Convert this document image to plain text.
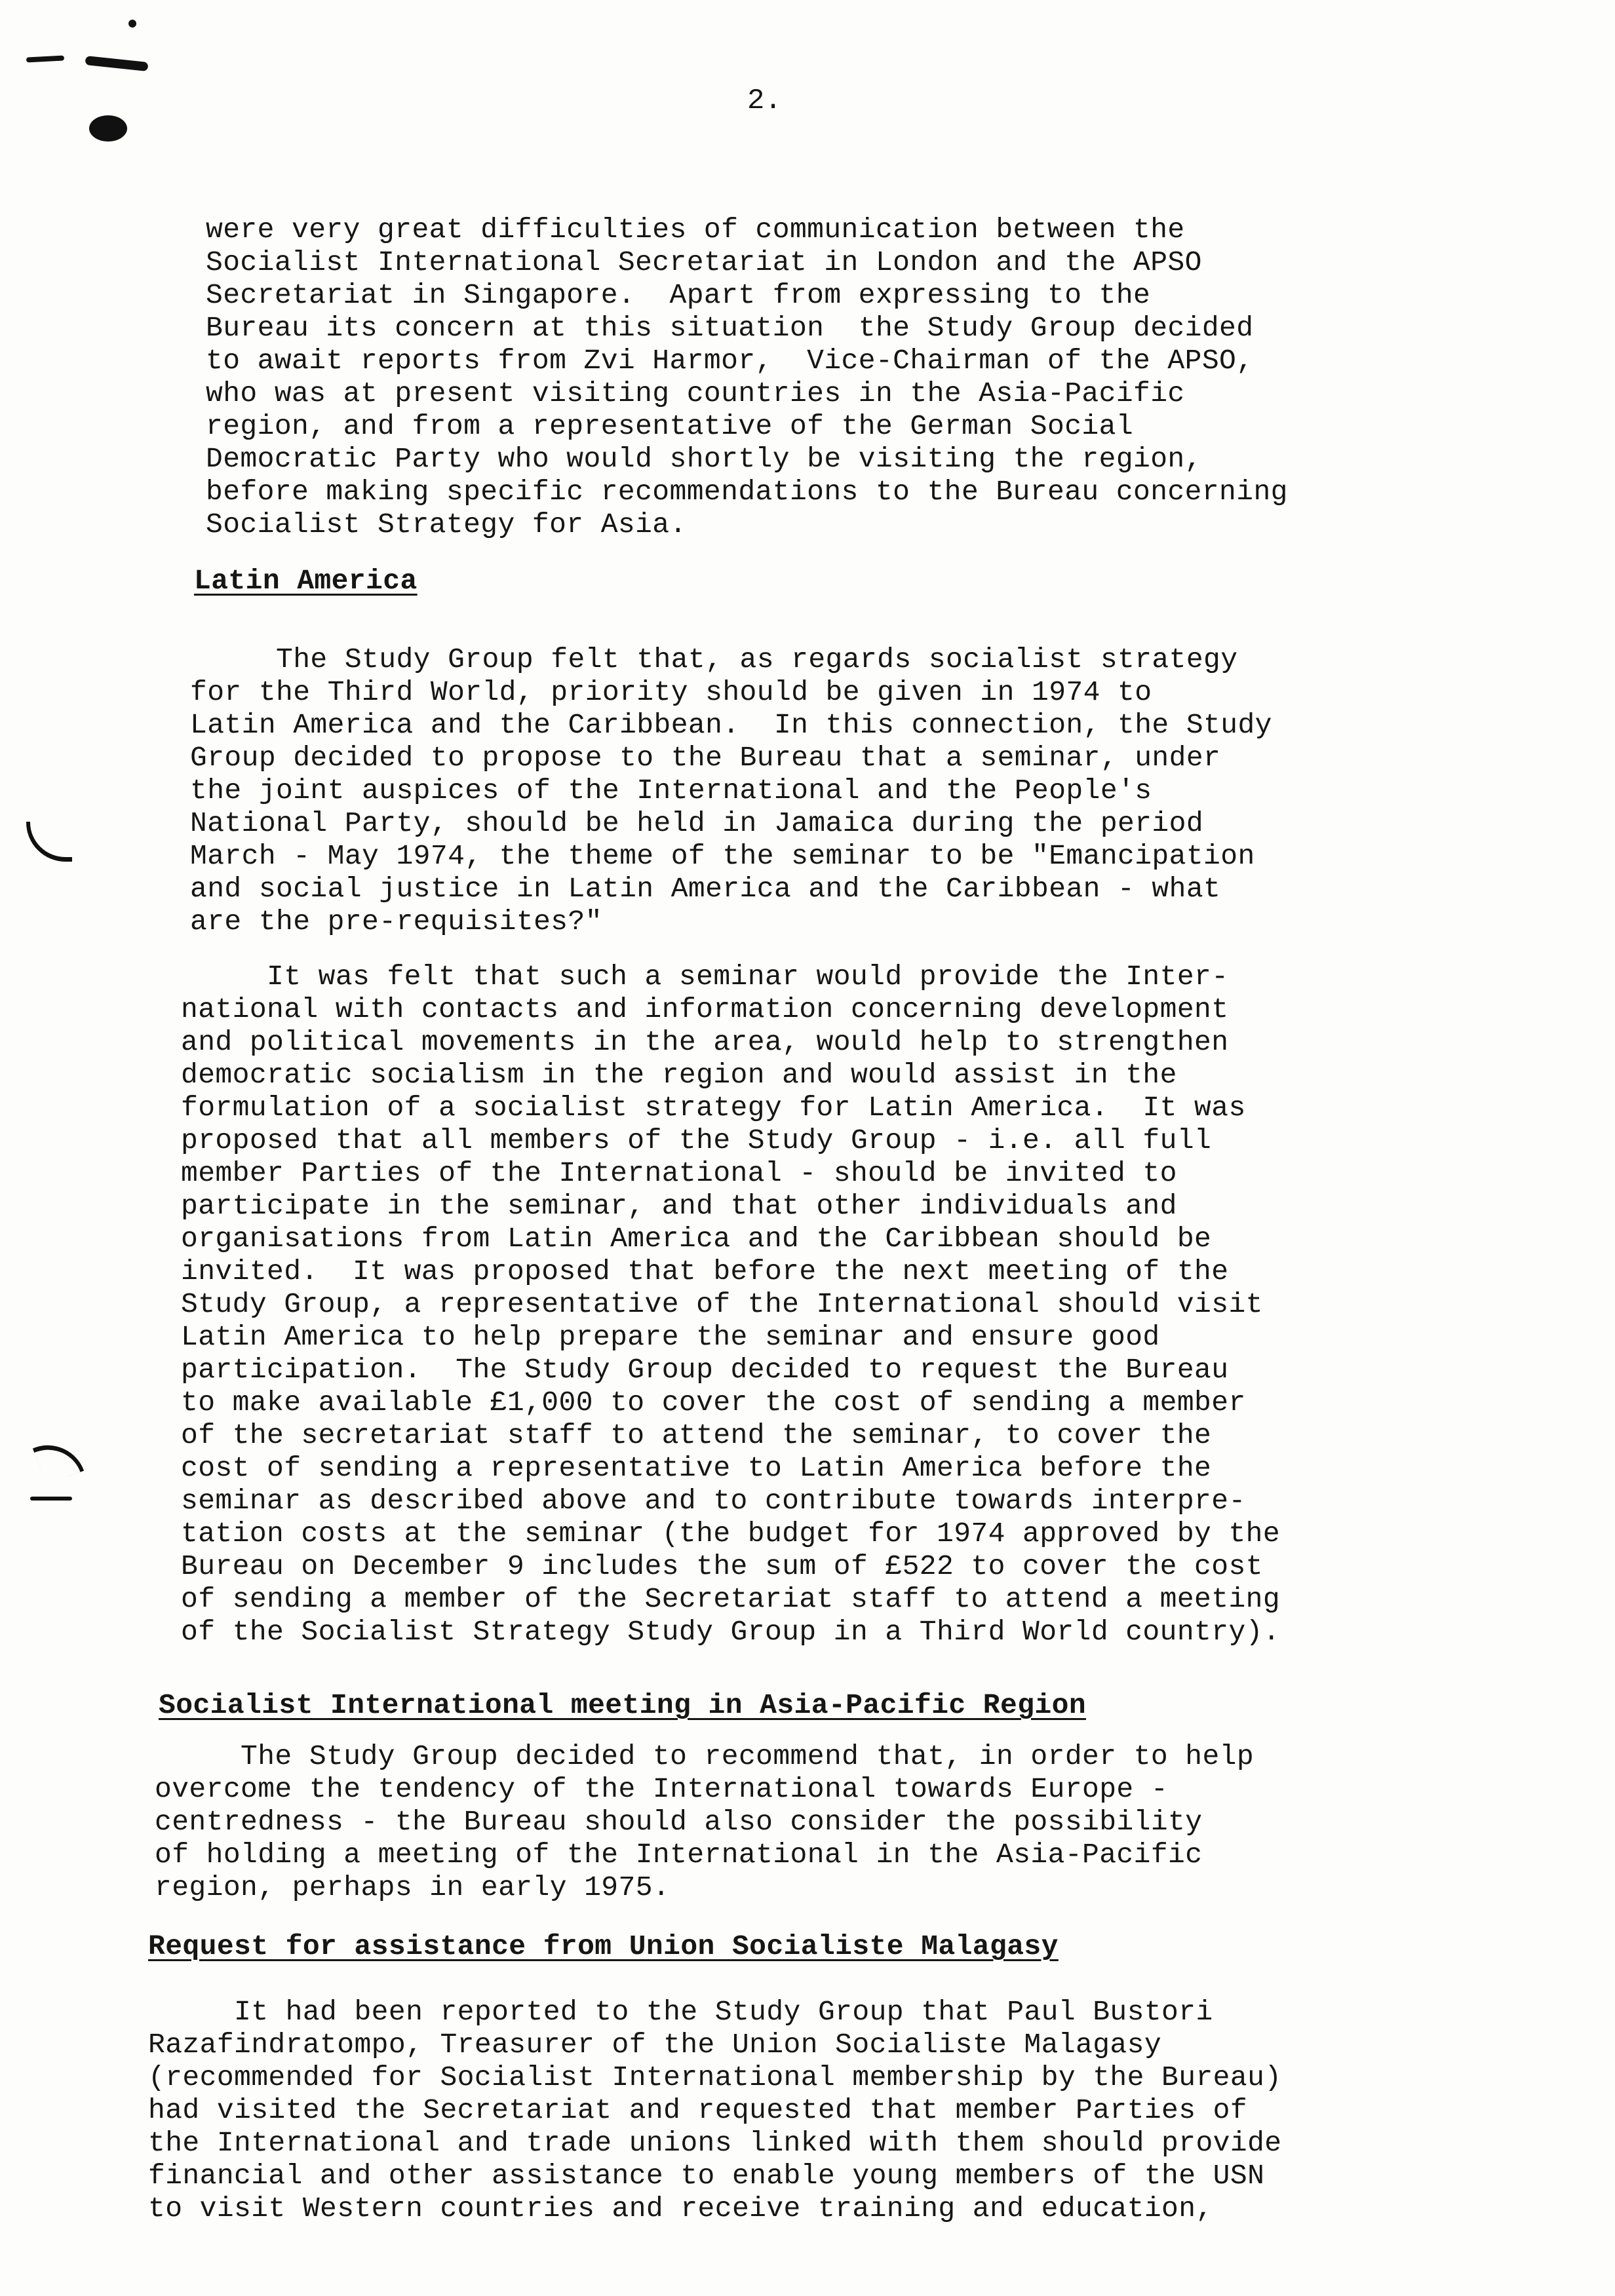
2.

were very great difficulties of communication between the
Socialist International Secretariat in London and the APSO
Secretariat in Singapore.  Apart from expressing to the
Bureau its concern at this situation  the Study Group decided
to await reports from Zvi Harmor,  Vice-Chairman of the APSO,
who was at present visiting countries in the Asia-Pacific
region, and from a representative of the German Social
Democratic Party who would shortly be visiting the region,
before making specific recommendations to the Bureau concerning
Socialist Strategy for Asia.

Latin America

The Study Group felt that, as regards socialist strategy
for the Third World, priority should be given in 1974 to
Latin America and the Caribbean.  In this connection, the Study
Group decided to propose to the Bureau that a seminar, under
the joint auspices of the International and the People's
National Party, should be held in Jamaica during the period
March - May 1974, the theme of the seminar to be "Emancipation
and social justice in Latin America and the Caribbean - what
are the pre-requisites?"

It was felt that such a seminar would provide the Inter-
national with contacts and information concerning development
and political movements in the area, would help to strengthen
democratic socialism in the region and would assist in the
formulation of a socialist strategy for Latin America.  It was
proposed that all members of the Study Group - i.e. all full
member Parties of the International - should be invited to
participate in the seminar, and that other individuals and
organisations from Latin America and the Caribbean should be
invited.  It was proposed that before the next meeting of the
Study Group, a representative of the International should visit
Latin America to help prepare the seminar and ensure good
participation.  The Study Group decided to request the Bureau
to make available £1,000 to cover the cost of sending a member
of the secretariat staff to attend the seminar, to cover the
cost of sending a representative to Latin America before the
seminar as described above and to contribute towards interpre-
tation costs at the seminar (the budget for 1974 approved by the
Bureau on December 9 includes the sum of £522 to cover the cost
of sending a member of the Secretariat staff to attend a meeting
of the Socialist Strategy Study Group in a Third World country).

Socialist International meeting in Asia-Pacific Region

The Study Group decided to recommend that, in order to help
overcome the tendency of the International towards Europe -
centredness - the Bureau should also consider the possibility
of holding a meeting of the International in the Asia-Pacific
region, perhaps in early 1975.

Request for assistance from Union Socialiste Malagasy

It had been reported to the Study Group that Paul Bustori
Razafindratompo, Treasurer of the Union Socialiste Malagasy
(recommended for Socialist International membership by the Bureau)
had visited the Secretariat and requested that member Parties of
the International and trade unions linked with them should provide
financial and other assistance to enable young members of the USN
to visit Western countries and receive training and education,
